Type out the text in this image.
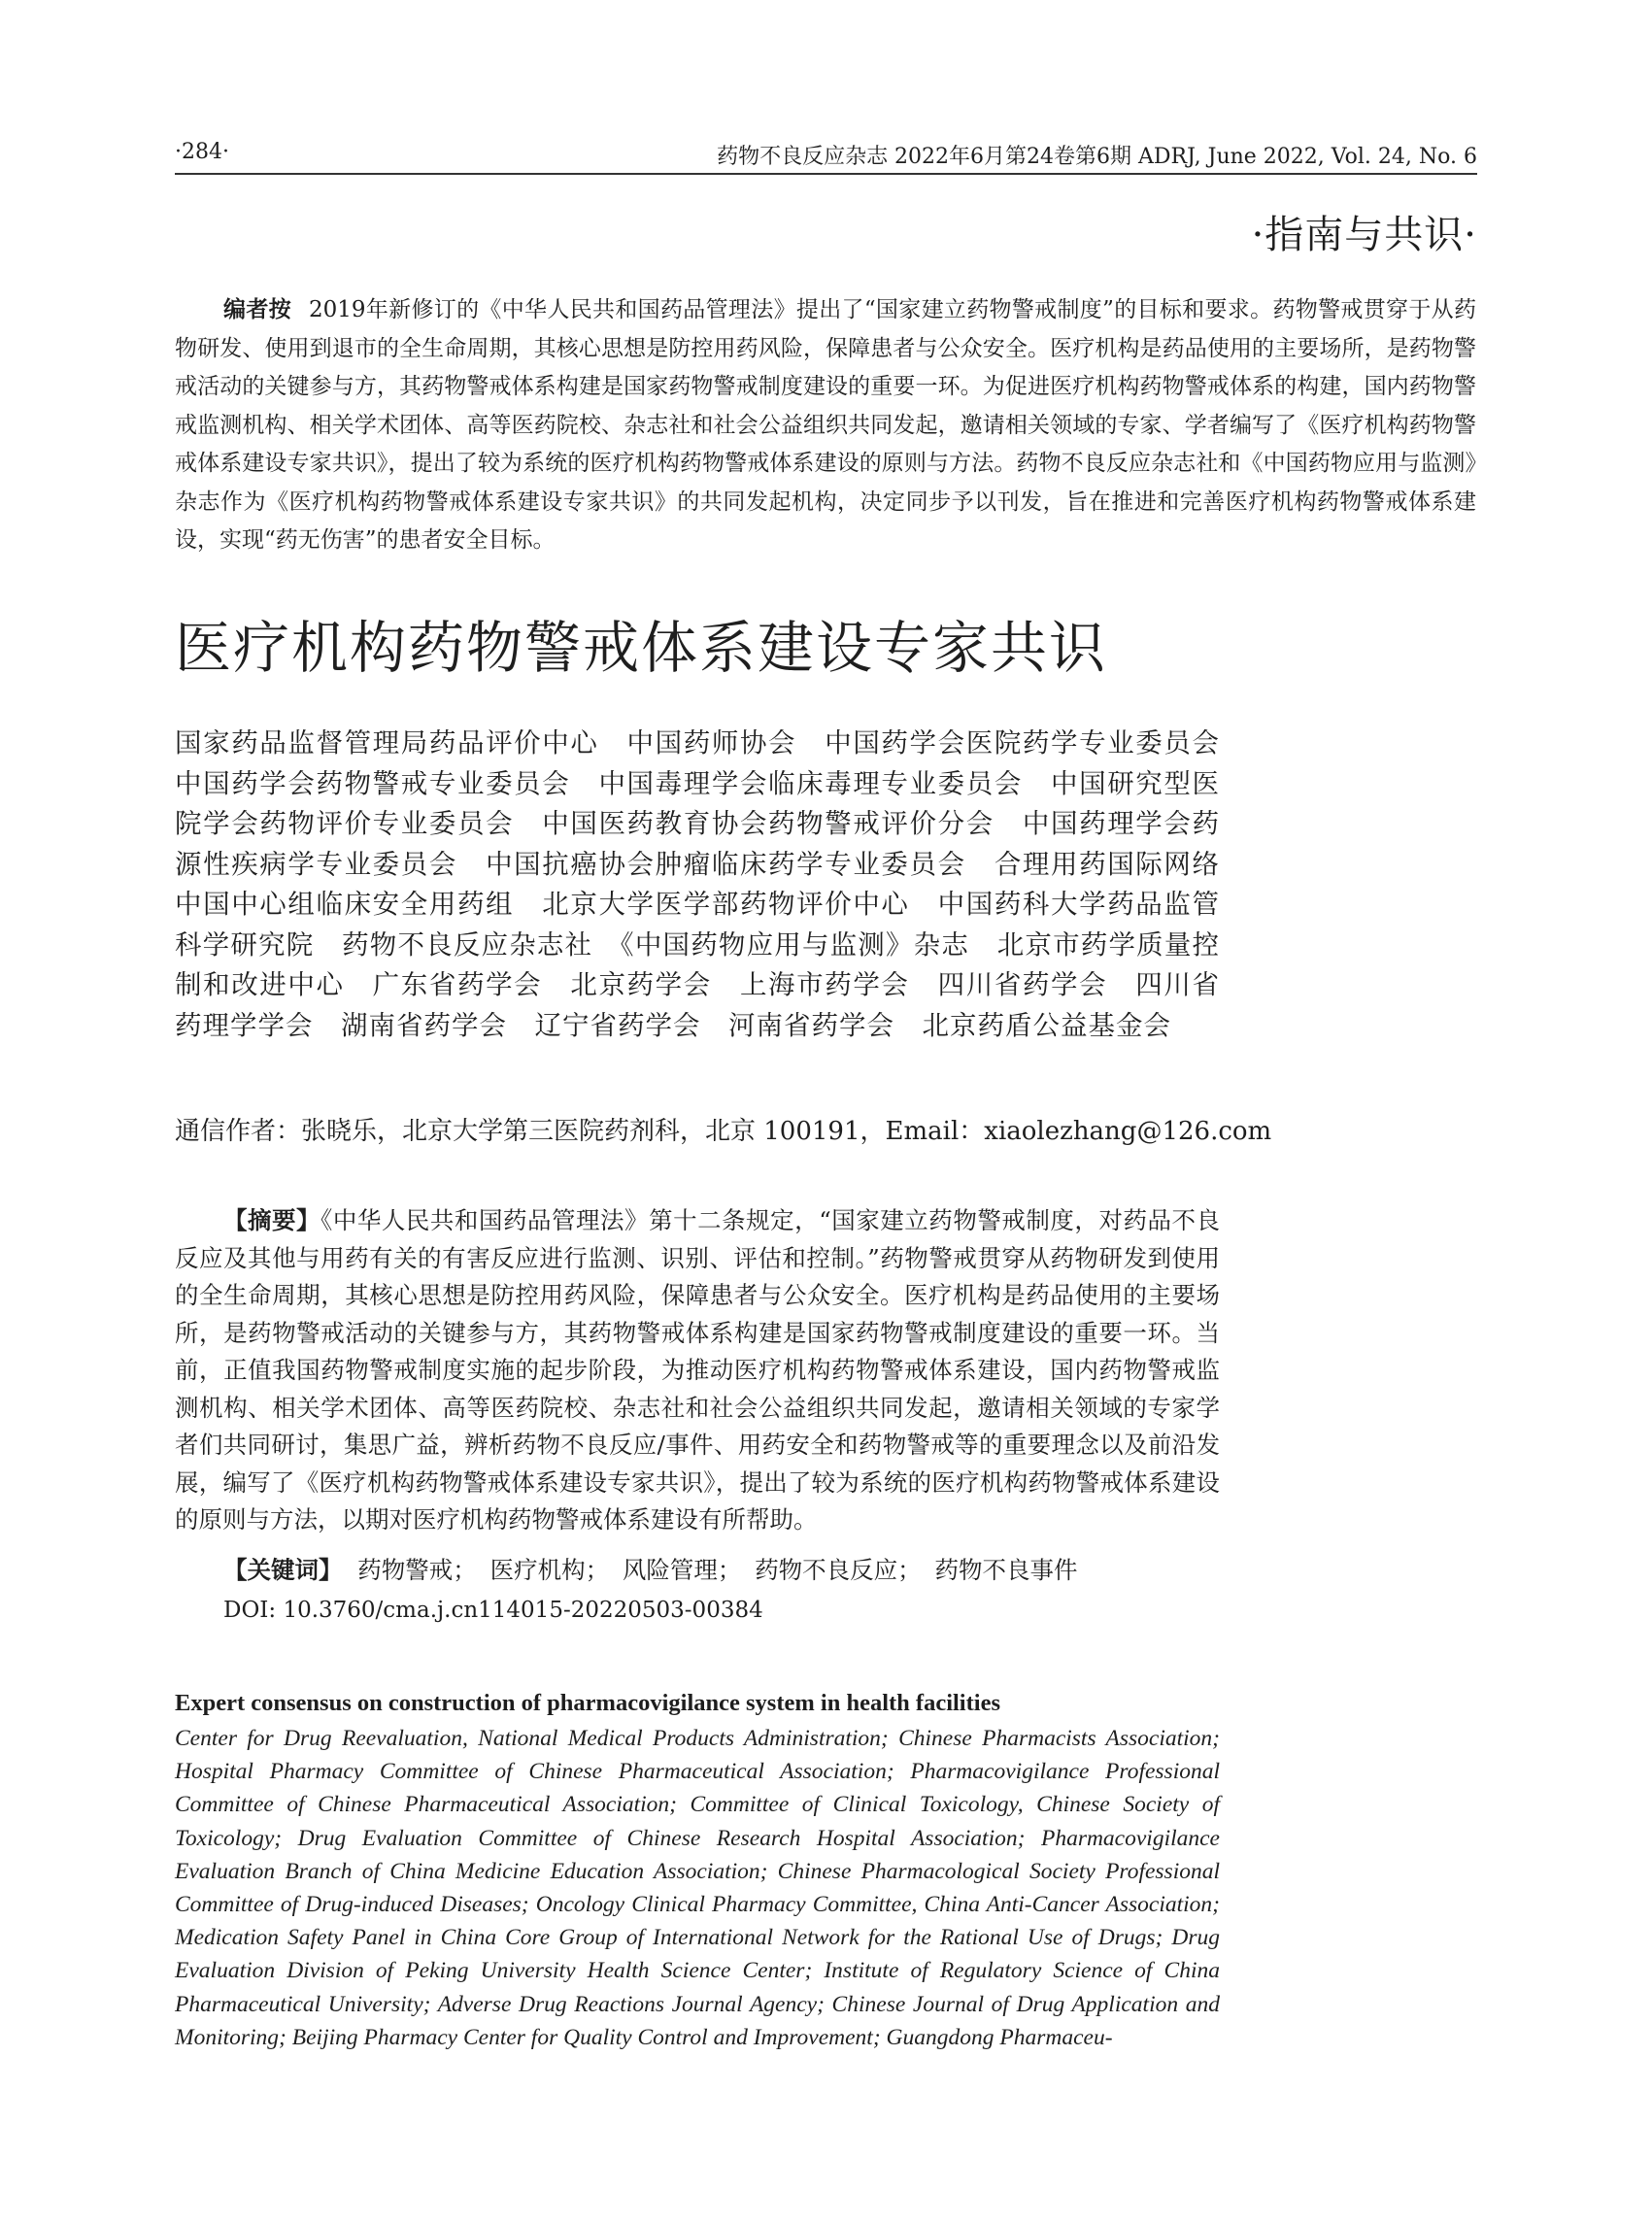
·284·	药物不良反应杂志 2022年6月第24卷第6期 ADRJ, June 2022, Vol. 24, No. 6
·指南与共识·
编者按 2019年新修订的《中华人民共和国药品管理法》提出了“国家建立药物警戒制度”的目标和要求。药物警戒贯穿于从药物研发、使用到退市的全生命周期，其核心思想是防控用药风险，保障患者与公众安全。医疗机构是药品使用的主要场所，是药物警戒活动的关键参与方，其药物警戒体系构建是国家药物警戒制度建设的重要一环。为促进医疗机构药物警戒体系的构建，国内药物警戒监测机构、相关学术团体、高等医药院校、杂志社和社会公益组织共同发起，邀请相关领域的专家、学者编写了《医疗机构药物警戒体系建设专家共识》，提出了较为系统的医疗机构药物警戒体系建设的原则与方法。药物不良反应杂志社和《中国药物应用与监测》杂志作为《医疗机构药物警戒体系建设专家共识》的共同发起机构，决定同步予以刊发，旨在推进和完善医疗机构药物警戒体系建设，实现“药无伤害”的患者安全目标。
医疗机构药物警戒体系建设专家共识
国家药品监督管理局药品评价中心　中国药师协会　中国药学会医院药学专业委员会　中国药学会药物警戒专业委员会　中国毒理学会临床毒理专业委员会　中国研究型医院学会药物评价专业委员会　中国医药教育协会药物警戒评价分会　中国药理学会药源性疾病学专业委员会　中国抗癌协会肿瘤临床药学专业委员会　合理用药国际网络中国中心组临床安全用药组　北京大学医学部药物评价中心　中国药科大学药品监管科学研究院　药物不良反应杂志社　《中国药物应用与监测》杂志　北京市药学质量控制和改进中心　广东省药学会　北京药学会　上海市药学会　四川省药学会　四川省药理学学会　湖南省药学会　辽宁省药学会　河南省药学会　北京药盾公益基金会
通信作者：张晓乐，北京大学第三医院药剂科，北京 100191，Email：xiaolezhang@126.com
【摘要】《中华人民共和国药品管理法》第十二条规定，“国家建立药物警戒制度，对药品不良反应及其他与用药有关的有害反应进行监测、识别、评估和控制。”药物警戒贯穿从药物研发到使用的全生命周期，其核心思想是防控用药风险，保障患者与公众安全。医疗机构是药品使用的主要场所，是药物警戒活动的关键参与方，其药物警戒体系构建是国家药物警戒制度建设的重要一环。当前，正值我国药物警戒制度实施的起步阶段，为推动医疗机构药物警戒体系建设，国内药物警戒监测机构、相关学术团体、高等医药院校、杂志社和社会公益组织共同发起，邀请相关领域的专家学者们共同研讨，集思广益，辨析药物不良反应/事件、用药安全和药物警戒等的重要理念以及前沿发展，编写了《医疗机构药物警戒体系建设专家共识》，提出了较为系统的医疗机构药物警戒体系建设的原则与方法，以期对医疗机构药物警戒体系建设有所帮助。
【关键词】 药物警戒； 医疗机构； 风险管理； 药物不良反应； 药物不良事件
DOI: 10.3760/cma.j.cn114015-20220503-00384
Expert consensus on construction of pharmacovigilance system in health facilities
Center for Drug Reevaluation, National Medical Products Administration; Chinese Pharmacists Association; Hospital Pharmacy Committee of Chinese Pharmaceutical Association; Pharmacovigilance Professional Committee of Chinese Pharmaceutical Association; Committee of Clinical Toxicology, Chinese Society of Toxicology; Drug Evaluation Committee of Chinese Research Hospital Association; Pharmacovigilance Evaluation Branch of China Medicine Education Association; Chinese Pharmacological Society Professional Committee of Drug-induced Diseases; Oncology Clinical Pharmacy Committee, China Anti-Cancer Association; Medication Safety Panel in China Core Group of International Network for the Rational Use of Drugs; Drug Evaluation Division of Peking University Health Science Center; Institute of Regulatory Science of China Pharmaceutical University; Adverse Drug Reactions Journal Agency; Chinese Journal of Drug Application and Monitoring; Beijing Pharmacy Center for Quality Control and Improvement; Guangdong Pharmaceu-
